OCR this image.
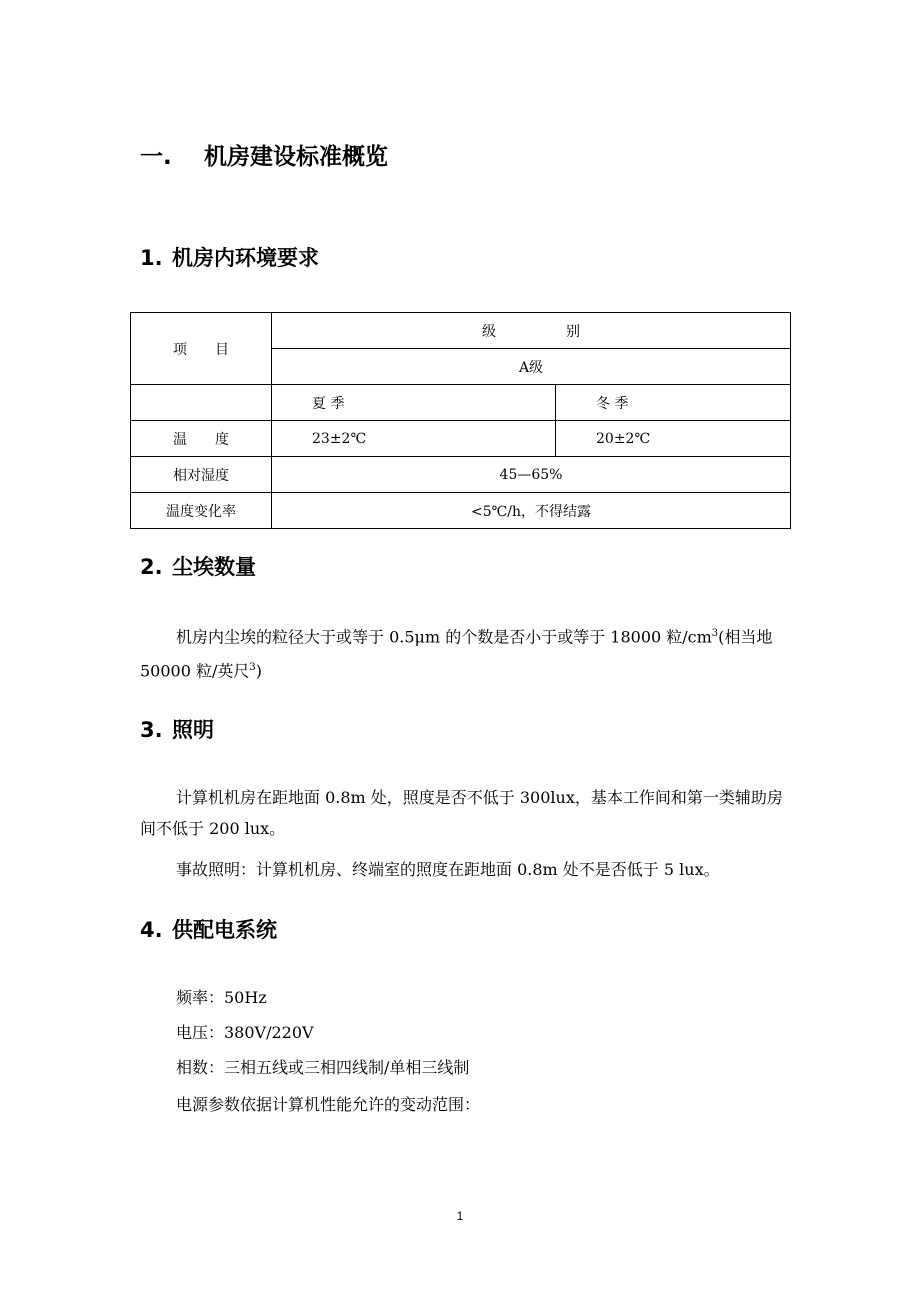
一. 机房建设标准概览
1. 机房内环境要求
项　　目	级　　　　　别	
	A级	
	夏 季	冬 季
温　　度	23±2℃	20±2℃
相对湿度	45—65%	
温度变化率	<5℃/h，不得结露	
2. 尘埃数量

机房内尘埃的粒径大于或等于 0.5μm 的个数是否小于或等于 18000 粒$/cm^3$(相当地 50000 粒/英尺$^3$)

3. 照明

计算机机房在距地面 0.8m 处，照度是否不低于 300lux，基本工作间和第一类辅助房间不低于 200 lux。

事故照明：计算机机房、终端室的照度在距地面 0.8m 处不是否低于 5 lux。

4. 供配电系统

频率：50Hz

电压：380V/220V

相数：三相五线或三相四线制/单相三线制

电源参数依据计算机性能允许的变动范围：

1
